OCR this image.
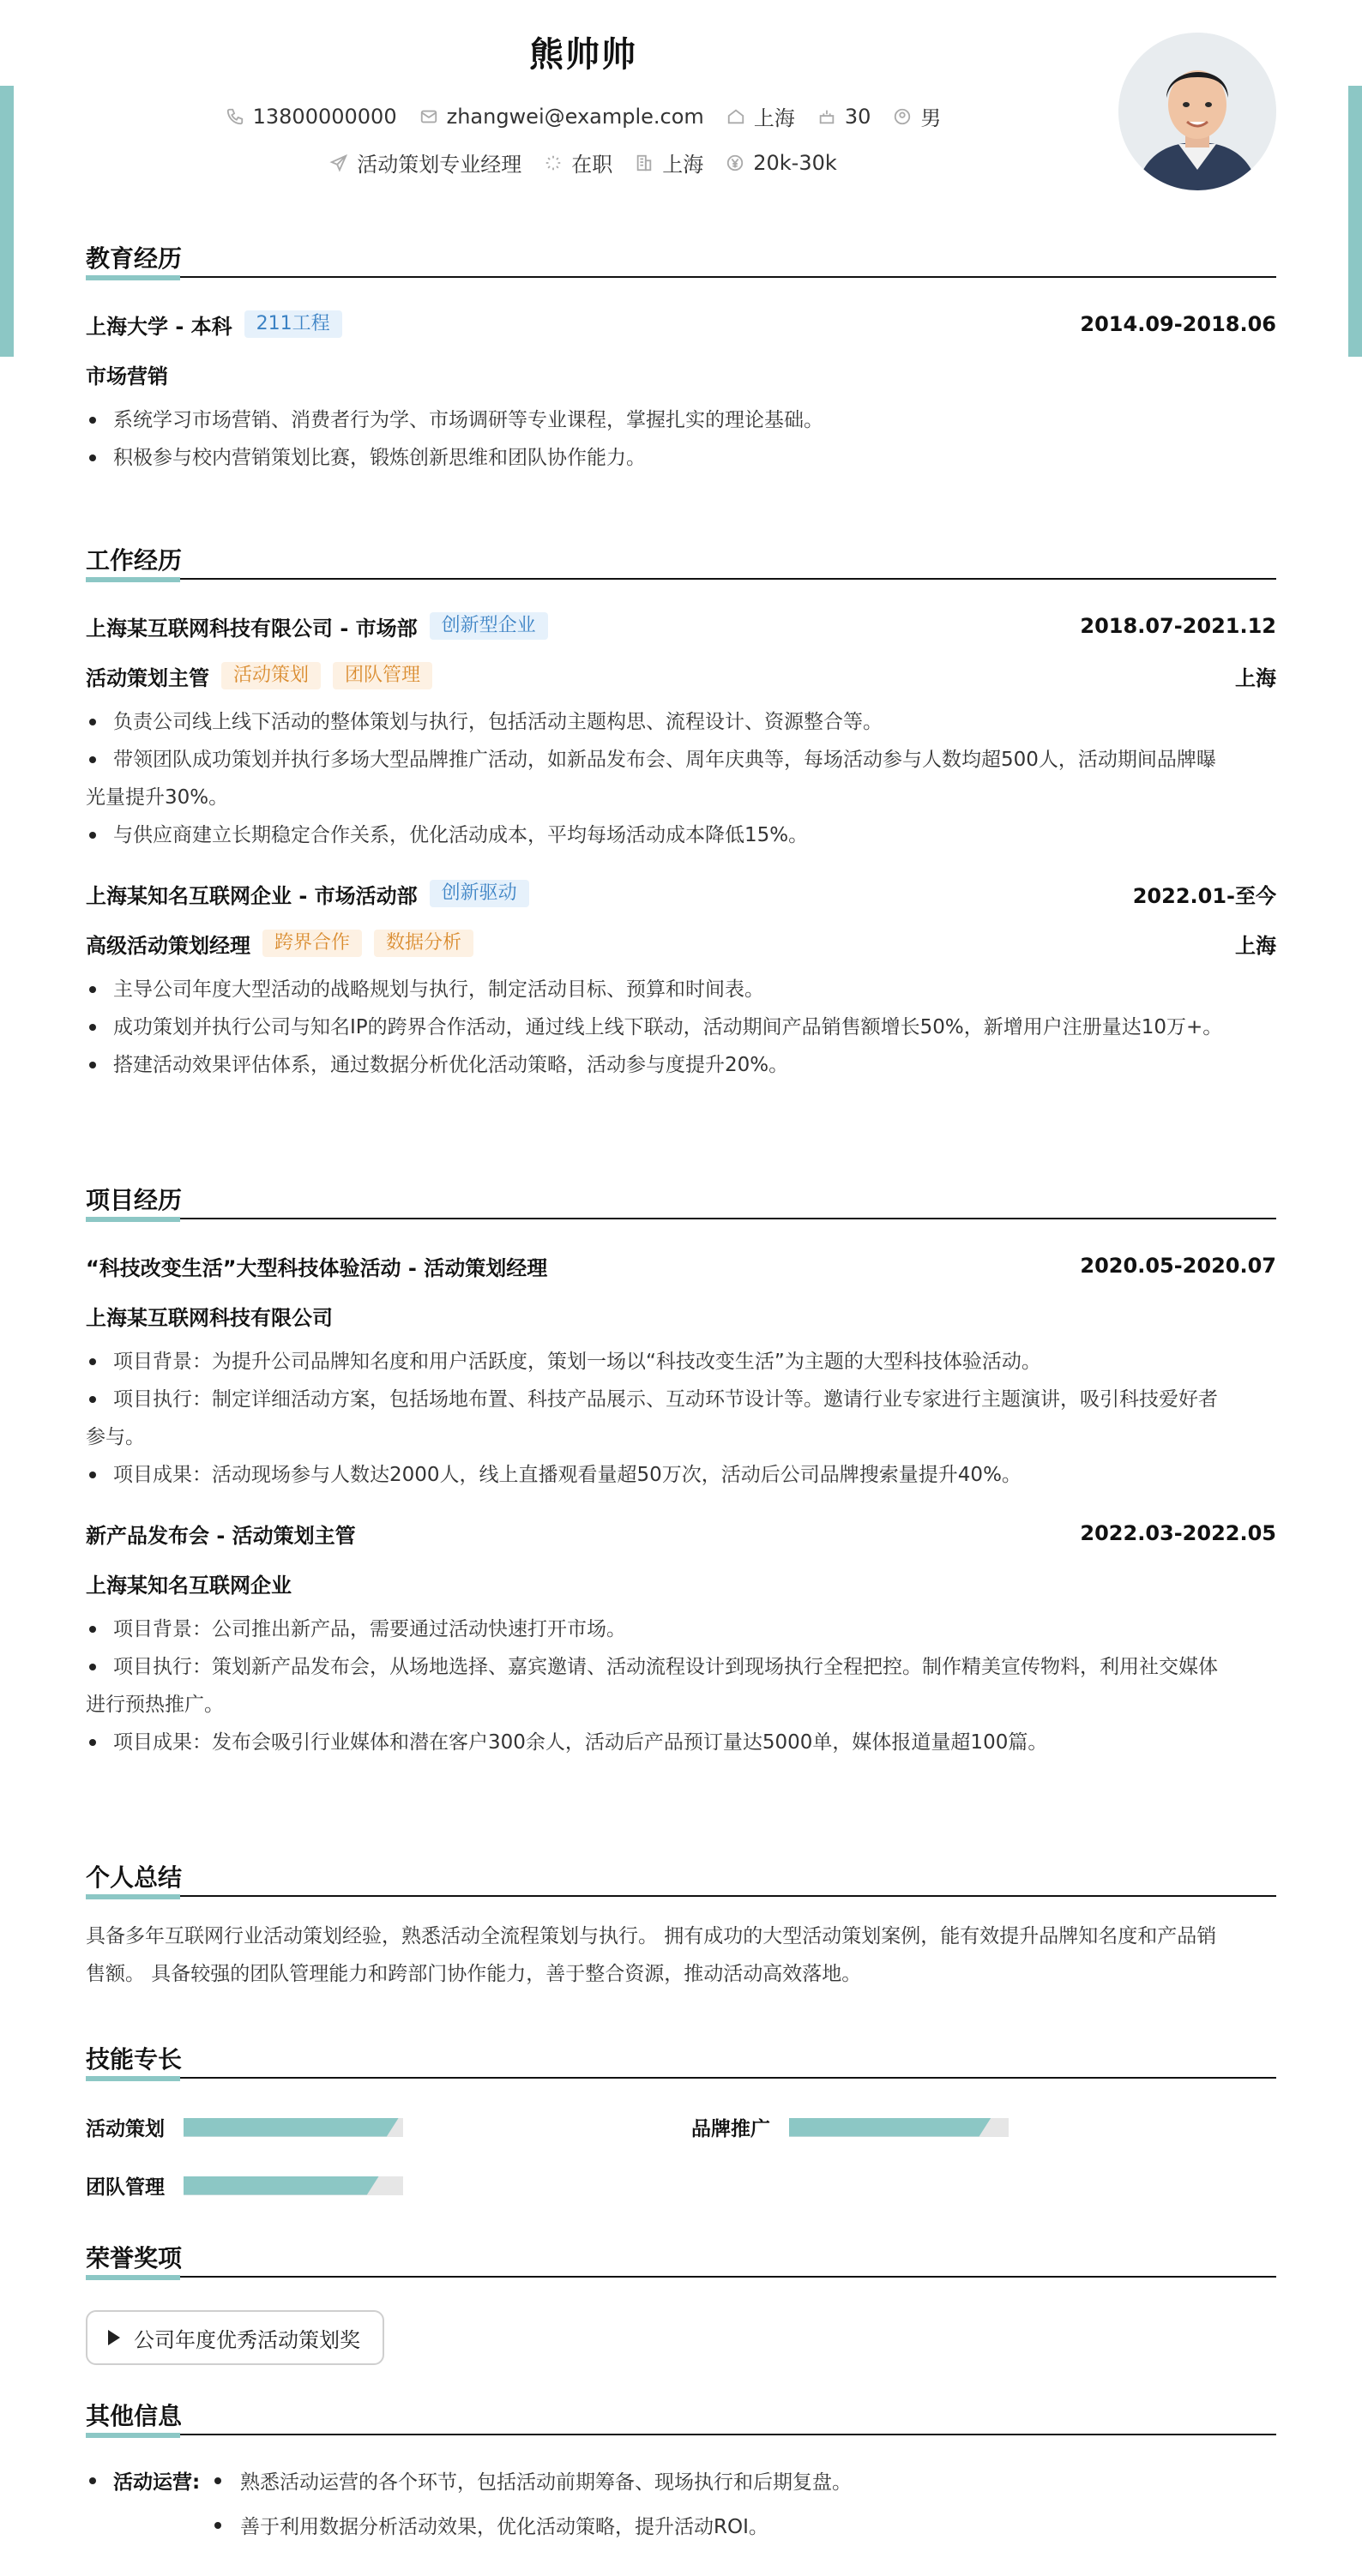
熊帅帅
13800000000 zhangwei@example.com 上海 30 男
活动策划专业经理 在职 上海 20k-30k
教育经历
上海大学 - 本科	211工程	2014.09-2018.06
市场营销
系统学习市场营销、消费者行为学、市场调研等专业课程，掌握扎实的理论基础。
积极参与校内营销策划比赛，锻炼创新思维和团队协作能力。
工作经历
上海某互联网科技有限公司 - 市场部	创新型企业	2018.07-2021.12
活动策划主管	活动策划	团队管理	上海
负责公司线上线下活动的整体策划与执行，包括活动主题构思、流程设计、资源整合等。
带领团队成功策划并执行多场大型品牌推广活动，如新品发布会、周年庆典等，每场活动参与人数均超500人，活动期间品牌曝
光量提升30%。
与供应商建立长期稳定合作关系，优化活动成本，平均每场活动成本降低15%。
上海某知名互联网企业 - 市场活动部	创新驱动	2022.01-至今
高级活动策划经理	跨界合作	数据分析	上海
主导公司年度大型活动的战略规划与执行，制定活动目标、预算和时间表。
成功策划并执行公司与知名IP的跨界合作活动，通过线上线下联动，活动期间产品销售额增长50%，新增用户注册量达10万+。
搭建活动效果评估体系，通过数据分析优化活动策略，活动参与度提升20%。
项目经历
“科技改变生活”大型科技体验活动 - 活动策划经理	2020.05-2020.07
上海某互联网科技有限公司
项目背景：为提升公司品牌知名度和用户活跃度，策划一场以“科技改变生活”为主题的大型科技体验活动。
项目执行：制定详细活动方案，包括场地布置、科技产品展示、互动环节设计等。邀请行业专家进行主题演讲，吸引科技爱好者
参与。
项目成果：活动现场参与人数达2000人，线上直播观看量超50万次，活动后公司品牌搜索量提升40%。
新产品发布会 - 活动策划主管	2022.03-2022.05
上海某知名互联网企业
项目背景：公司推出新产品，需要通过活动快速打开市场。
项目执行：策划新产品发布会，从场地选择、嘉宾邀请、活动流程设计到现场执行全程把控。制作精美宣传物料，利用社交媒体
进行预热推广。
项目成果：发布会吸引行业媒体和潜在客户300余人，活动后产品预订量达5000单，媒体报道量超100篇。
个人总结
具备多年互联网行业活动策划经验，熟悉活动全流程策划与执行。 拥有成功的大型活动策划案例，能有效提升品牌知名度和产品销
售额。 具备较强的团队管理能力和跨部门协作能力，善于整合资源，推动活动高效落地。
技能专长
活动策划	品牌推广
团队管理
荣誉奖项
公司年度优秀活动策划奖
其他信息
活动运营:	熟悉活动运营的各个环节，包括活动前期筹备、现场执行和后期复盘。
善于利用数据分析活动效果，优化活动策略，提升活动ROI。
